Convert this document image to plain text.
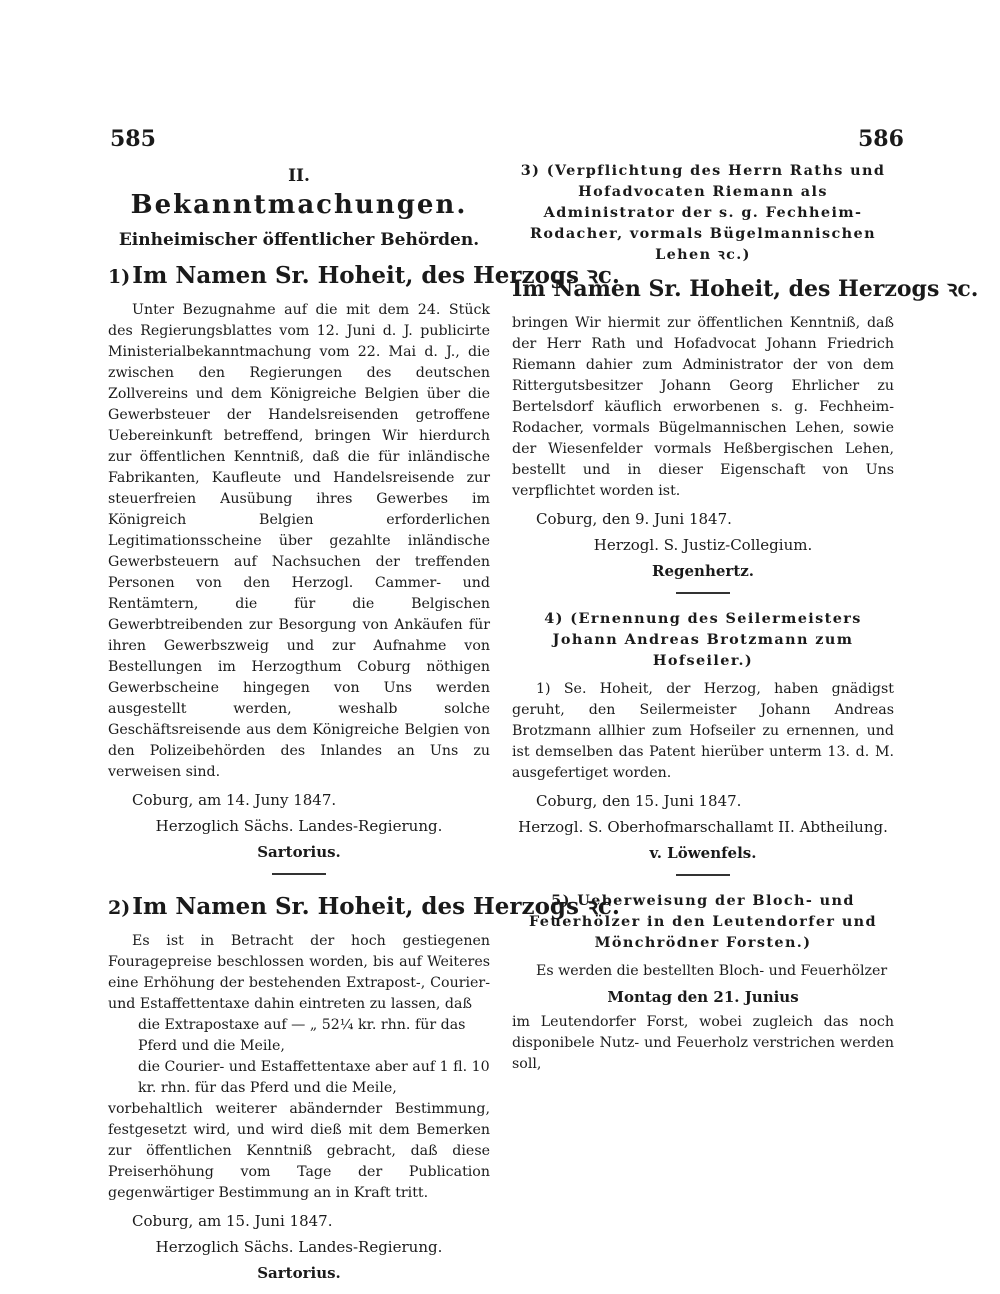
585	586
II.
Bekanntmachungen.
Einheimischer öffentlicher Behörden.
1)Im Namen Sr. Hoheit, des Herzogs ꝛc.

Unter Bezugnahme auf die mit dem 24. Stück des Regierungsblattes vom 12. Juni d. J. publicirte Ministerialbekanntmachung vom 22. Mai d. J., die zwischen den Regierungen des deutschen Zollvereins und dem Königreiche Belgien über die Gewerbsteuer der Handelsreisenden getroffene Uebereinkunft betreffend, bringen Wir hierdurch zur öffentlichen Kenntniß, daß die für inländische Fabrikanten, Kaufleute und Handelsreisende zur steuerfreien Ausübung ihres Gewerbes im Königreich Belgien erforderlichen Legitimationsscheine über gezahlte inländische Gewerbsteuern auf Nachsuchen der treffenden Personen von den Herzogl. Cammer- und Rentämtern, die für die Belgischen Gewerbtreibenden zur Besorgung von Ankäufen für ihren Gewerbszweig und zur Aufnahme von Bestellungen im Herzogthum Coburg nöthigen Gewerbscheine hingegen von Uns werden ausgestellt werden, weshalb solche Geschäftsreisende aus dem Königreiche Belgien von den Polizeibehörden des Inlandes an Uns zu verweisen sind.

Coburg, am 14. Juny 1847.
Herzoglich Sächs. Landes-Regierung.
Sartorius.
2)Im Namen Sr. Hoheit, des Herzogs ꝛc.

Es ist in Betracht der hoch gestiegenen Fouragepreise beschlossen worden, bis auf Weiteres eine Erhöhung der bestehenden Extrapost-, Courier- und Estaffettentaxe dahin eintreten zu lassen, daß

die Extrapostaxe auf — „ 52¼ kr. rhn. für das Pferd und die Meile,
die Courier- und Estaffettentaxe aber auf 1 fl. 10 kr. rhn. für das Pferd und die Meile,

vorbehaltlich weiterer abändernder Bestimmung, festgesetzt wird, und wird dieß mit dem Bemerken zur öffentlichen Kenntniß gebracht, daß diese Preiserhöhung vom Tage der Publication gegenwärtiger Bestimmung an in Kraft tritt.

Coburg, am 15. Juni 1847.
Herzoglich Sächs. Landes-Regierung.
Sartorius.
3) (Verpflichtung des Herrn Raths und Hofadvocaten Riemann als Administrator der s. g. Fechheim-Rodacher, vormals Bügelmannischen Lehen ꝛc.)
Im Namen Sr. Hoheit, des Herzogs ꝛc.

bringen Wir hiermit zur öffentlichen Kenntniß, daß der Herr Rath und Hofadvocat Johann Friedrich Riemann dahier zum Administrator der von dem Rittergutsbesitzer Johann Georg Ehrlicher zu Bertelsdorf käuflich erworbenen s. g. Fechheim-Rodacher, vormals Bügelmannischen Lehen, sowie der Wiesenfelder vormals Heßbergischen Lehen, bestellt und in dieser Eigenschaft von Uns verpflichtet worden ist.

Coburg, den 9. Juni 1847.
Herzogl. S. Justiz-Collegium.
Regenhertz.
4) (Ernennung des Seilermeisters Johann Andreas Brotzmann zum Hofseiler.)

1) Se. Hoheit, der Herzog, haben gnädigst geruht, den Seilermeister Johann Andreas Brotzmann allhier zum Hofseiler zu ernennen, und ist demselben das Patent hierüber unterm 13. d. M. ausgefertiget worden.

Coburg, den 15. Juni 1847.
Herzogl. S. Oberhofmarschallamt II. Abtheilung.
v. Löwenfels.
5) Ueberweisung der Bloch- und Feuerhölzer in den Leutendorfer und Mönchrödner Forsten.)

Es werden die bestellten Bloch- und Feuerhölzer

Montag den 21. Junius

im Leutendorfer Forst, wobei zugleich das noch disponibele Nutz- und Feuerholz verstrichen werden soll,
